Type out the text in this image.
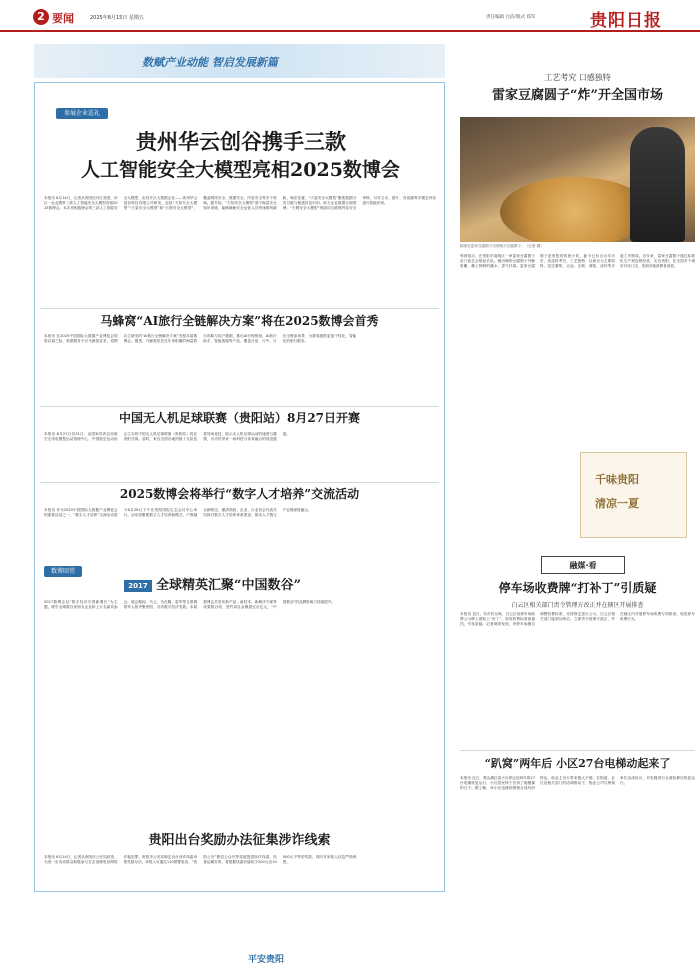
2 要闻	2025年8月15日 星期五	责任编辑 白洁/版式 郑军	贵阳日报
数赋产业动能 智启发展新篇
参展企业巡礼
贵州华云创谷携手三款
人工智能安全大模型亮相2025数博会
本报讯 8月14日，记者从贵阳经开区获悉，该区一企业携带三款人工智能安全大模型亮相2025数博会。本次亮相数博会的三款人工智能安全大模型，由经开区大数据企业——贵州华云创谷科技有限公司研发，包括“天知安全大模型”“天鉴安全大模型”和“天网安全大模型”，覆盖网络安全、数据安全、内容安全等多个领域。据介绍，“天知安全大模型”基于海量安全知识训练，能够辅助安全运营人员快速研判威胁、响应处置；“天鉴安全大模型”聚焦数据分类分级与敏感信息识别，助力企业数据合规管理；“天网安全大模型”则面向互联网内容安全审核，可对文本、图片、音视频等多模态内容进行智能识别。
马蜂窝“AI旅行全链解决方案”将在2025数博会首秀
本报讯 在2025中国国际大数据产业博览会即将启幕之际，旅游服务平台马蜂窝宣布，将携自主研发的“AI旅行全链解决方案”亮相本届数博会。据悉，马蜂窝依托近年来积累的海量旅行攻略与用户数据，推出AI行程规划、AI旅行助手、智能客服等产品，覆盖行前、行中、行后全链条场景，为游客提供更加个性化、智能化的旅行服务。
中国无人机足球联赛（贵阳站）8月27日开赛
本报讯 8月27日至31日，由国家体育总局航空无线电模型运动管理中心、中国航空运动协会主办的中国无人机足球联赛（贵阳站）将在贵阳开赛。届时，来自全国各地的数十支队伍将同场竞技，展示无人机足球运动的速度与激情，为市民带来一场科技与体育融合的视觉盛宴。
2025数博会将举行“数字人才培养”交流活动
本报讯 作为2025中国国际大数据产业博览会的重要活动之一，“数字人才培养”交流活动将于8月28日下午在贵阳国际生态会议中心举行。活动将聚焦数字人才培养新模式、产教融合新路径，邀请高校、企业、行业协会代表共同探讨数字人才培养体系建设，推动人才链与产业链深度融合。
数博回望
2017 全球精英汇聚“中国数谷”
2017数博会以“数字经济引领新增长”为主题，吸引全球数百家知名企业和上万名嘉宾参会。展会期间，马云、马化腾、雷军等互联网领军人物齐聚贵阳，共话数字经济发展。本届数博会共发布新产品、新技术、新解决方案等成果数百项，签约项目金额超过百亿元，“中国数谷”的品牌影响力持续提升。
贵阳出台奖励办法征集涉诈线索
本报讯 8月14日，记者从贵阳市公安局获悉，为进一步发动群众积极参与打击治理电信网络诈骗犯罪，贵阳市公安局制定出台涉诈线索举报奖励办法。举报人可通过110报警电话、“贵阳公安”微信公众号等渠道提供涉诈线索，经查证属实的，将根据线索价值给予200元至10000元不等的奖励，同时对举报人信息严格保密。
平安贵阳
工艺考究 口感独特
雷家豆腐圆子“炸”开全国市场
顾客在雷家豆腐圆子店里购买豆腐圆子。（记者 摄）
每到饭点，在贵阳市南明区一家雷家豆腐圆子店门前总会排起长队。刚出锅的豆腐圆子外酥里嫩，蘸上特制的蘸水，香气扑鼻。雷家豆腐圆子是贵阳的传统小吃，距今已有百余年历史，其选料考究、工艺独特，以黄豆为主要原料，经过磨浆、点卤、压制、调馅、油炸等多道工序制成。近年来，雷家豆腐圆子通过标准化生产和连锁经营，走出贵阳，在全国多个城市开设门店，受到各地消费者喜爱。
千味贵阳
清凉一夏
融媒·看
停车场收费牌“打补丁”引质疑
白云区相关部门责令管理方改正并在辖区开展排查
本报讯 近日，有市民反映，白云区某停车场收费公示牌上被贴上“补丁”，原有收费标准被遮挡，引发质疑。记者调查发现，该停车场擅自调整收费标准，未按规定进行公示。白云区相关部门接到反映后，立即责令管理方改正，并在辖区内开展停车场收费专项排查，规范停车收费行为。
“趴窝”两年后 小区27台电梯动起来了
本报讯 近日，观山湖区某小区停运近两年的27台电梯恢复运行，小区居民终于告别了爬楼梯的日子。据了解，该小区电梯因维保合同纠纷停运，给业主出行带来极大不便。在街道、社区及相关部门的协调推动下，物业公司与维保单位达成协议，对电梯进行全面检修后恢复运行。
